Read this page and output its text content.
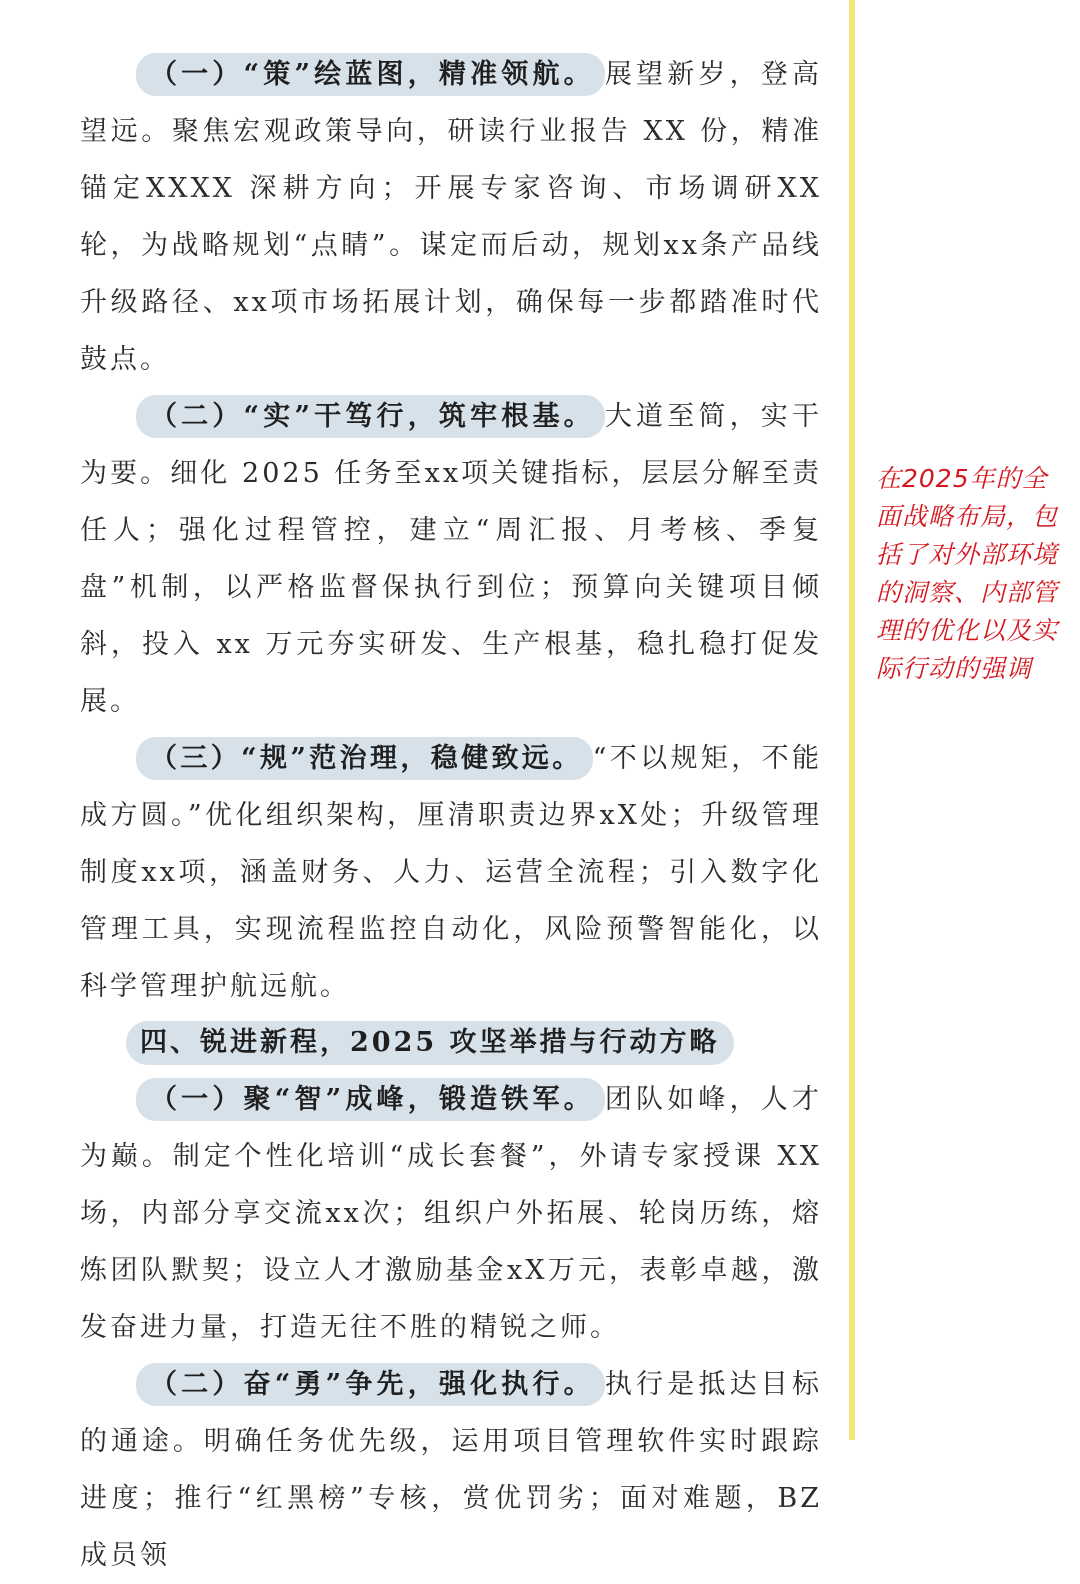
（一）“策”绘蓝图，精准领航。 展望新岁，登高望远。聚焦宏观政策导向，研读行业报告 XX 份，精准锚定XXXX 深耕方向；开展专家咨询、市场调研XX轮，为战略规划“点睛”。谋定而后动，规划xx条产品线升级路径、xx项市场拓展计划，确保每一步都踏准时代鼓点。

（二）“实”干笃行，筑牢根基。 大道至简，实干为要。细化 2025 任务至xx项关键指标，层层分解至责任人；强化过程管控，建立“周汇报、月考核、季复盘”机制，以严格监督保执行到位；预算向关键项目倾斜，投入 xx 万元夯实研发、生产根基，稳扎稳打促发展。

（三）“规”范治理，稳健致远。 “不以规矩，不能成方圆。”优化组织架构，厘清职责边界xX处；升级管理制度xx项，涵盖财务、人力、运营全流程；引入数字化管理工具，实现流程监控自动化，风险预警智能化，以科学管理护航远航。

四、锐进新程，2025 攻坚举措与行动方略

（一）聚“智”成峰，锻造铁军。 团队如峰，人才为巅。制定个性化培训“成长套餐”，外请专家授课 XX 场，内部分享交流xx次；组织户外拓展、轮岗历练，熔炼团队默契；设立人才激励基金xX万元，表彰卓越，激发奋进力量，打造无往不胜的精锐之师。

（二）奋“勇”争先，强化执行。 执行是抵达目标的通途。明确任务优先级，运用项目管理软件实时跟踪进度；推行“红黑榜”专核，赏优罚劣；面对难题，BZ 成员领

在2025年的全面战略布局，包括了对外部环境的洞察、内部管理的优化以及实际行动的强调
